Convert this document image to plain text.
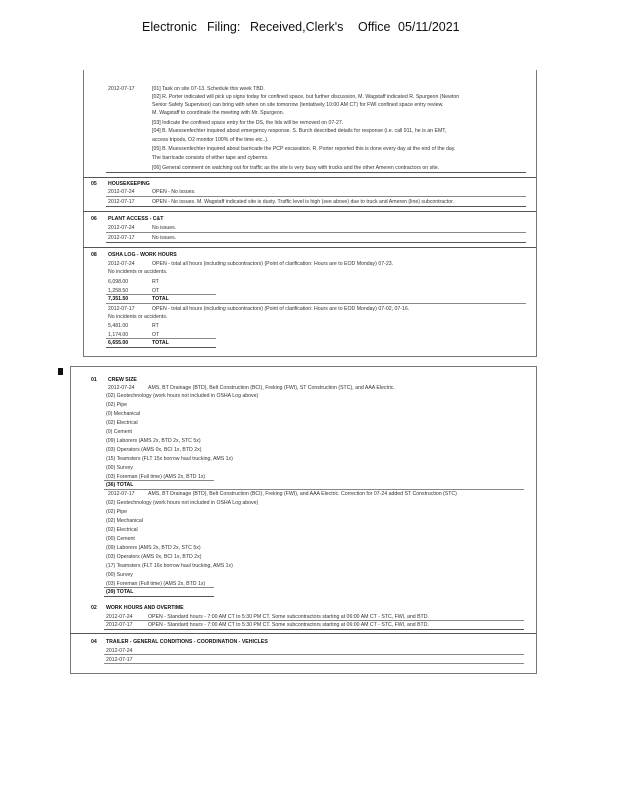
Electronic Filing: Received,Clerk's Office 05/11/2021
2012-07-17	[01] Task on site 07-13. Schedule this week TBD.
[02] R. Porter indicated will pick up signs today for confined space, but further discussion, M. Wagstaff indicated R. Spurgeon (Newton
Senior Safety Supervisor) can bring with when on site tomorrow (tentatively 10:00 AM CT) for FWI confined space entry review.
M. Wagstaff to coordinate the meeting with Mr. Spurgeon.
[03] Indicate the confined space entry for the DS, the lids will be removed on 07-27.
[04] B. Muessenfechter inquired about emergency response. S. Burch described details for response (i.e. call 911, he is an EMT,
access tripods, O2 monitor 100% of the time etc..).
[05] B. Muessenfechter inquired about barricade the PCP excavation. R. Porter reported this is done every day at the end of the day.
The barricade consists of either tape and cyberms.
[06] General comment on watching out for traffic as the site is very busy with trucks and the other Ameren contractors on site.
05 HOUSEKEEPING
2012-07-24	OPEN - No issues.
2012-07-17	OPEN - No issues. M. Wagstaff indicated site is dusty. Traffic level is high (see above) due to truck and Ameren (line) subcontractor.
06 PLANT ACCESS - C&T
2012-07-24	No issues.
2012-07-17	No issues.
08 OSHA LOG - WORK HOURS
2012-07-24	OPEN - total all hours (including subcontractors) (Point of clarification: Hours are to EOD Monday) 07-23.
No incidents or accidents.
6,098.00	RT
1,258.50	OT
7,351.50	TOTAL
2012-07-17	OPEN - total all hours (including subcontractors) (Point of clarification: Hours are to EOD Monday) 07-02, 07-16.
No incidents or accidents.
5,481.00	RT
1,174.00	OT
6,655.00	TOTAL
01 CREW SIZE
2012-07-24	AMS, BT Drainage (BTD), Belt Construction (BCI), Freking (FWI), ST Construction (STC), and AAA Electric.
(02) Geotechnology (work hours not included in OSHA Log above)
(02) Pipe
(0) Mechanical
(02) Electrical
(0) Cement
(09) Laborers (AMS 2x, BTD 2x, STC 5x)
(03) Operators (AMS 0x, BCI 1x, BTD 2x)
(15) Teamsters (FLT 15x borrow haul trucking, AMS 1x)
(00) Survey
(03) Foreman (Full time) (AMS 2x, BTD 1x)
(36) TOTAL
2012-07-17	AMS, BT Drainage (BTD), Belt Construction (BCI), Freking (FWI), and AAA Electric. Correction for 07-24 added ST Construction (STC)
(02) Geotechnology (work hours not included in OSHA Log above)
(02) Pipe
(02) Mechanical
(02) Electrical
(00) Cement
(09) Laborers (AMS 2x, BTD 2x, STC 5x)
(03) Operators (AMS 0x, BCI 1x, BTD 2x)
(17) Teamsters (FLT 16x borrow haul trucking, AMS 1x)
(00) Survey
(03) Foreman (Full time) (AMS 2x, BTD 1x)
(39) TOTAL
02 WORK HOURS AND OVERTIME
2012-07-24	OPEN - Standard hours - 7:00 AM CT to 5:30 PM CT. Some subcontractors starting at 06:00 AM CT - STC, FWI, and BTD.
2012-07-17	OPEN - Standard hours - 7:00 AM CT to 5:30 PM CT. Some subcontractors starting at 06:00 AM CT - STC, FWI, and BTD.
04 TRAILER - GENERAL CONDITIONS - COORDINATION - VEHICLES
2012-07-24
2012-07-17
·
